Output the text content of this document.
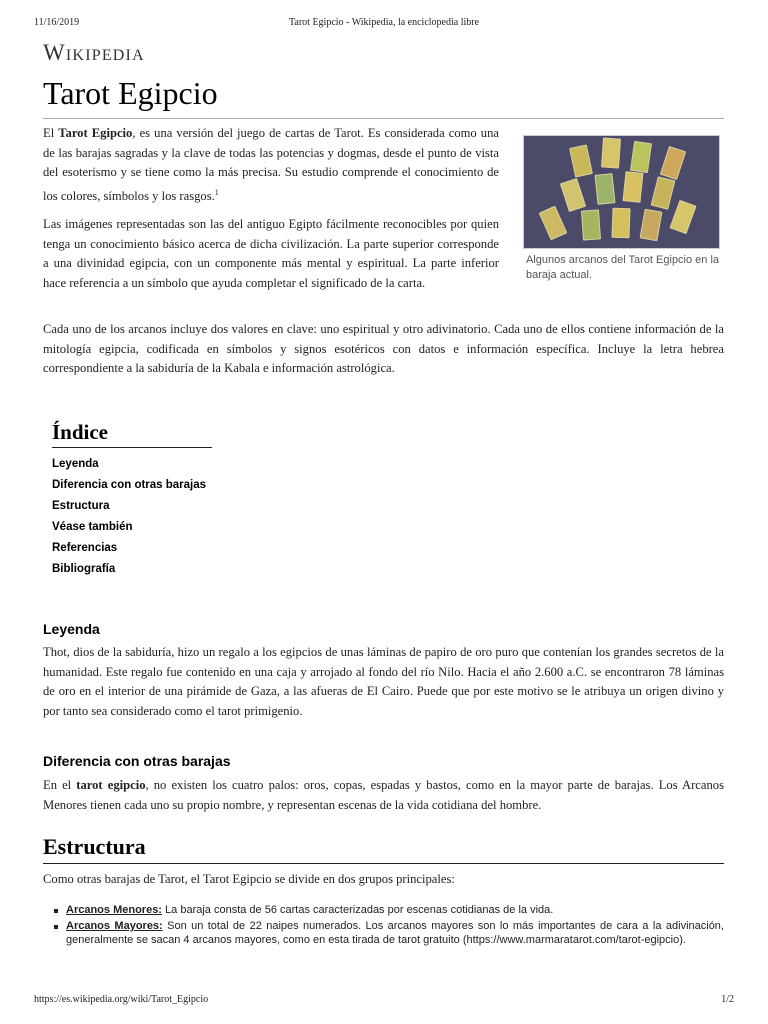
11/16/2019	Tarot Egipcio - Wikipedia, la enciclopedia libre
Wikipedia
Tarot Egipcio

El Tarot Egipcio, es una versión del juego de cartas de Tarot. Es considerada como una de las barajas sagradas y la clave de todas las potencias y dogmas, desde el punto de vista del esoterismo y se tiene como la más precisa. Su estudio comprende el conocimiento de los colores, símbolos y los rasgos.$^1$

Las imágenes representadas son las del antiguo Egipto fácilmente reconocibles por quien tenga un conocimiento básico acerca de dicha civilización. La parte superior corresponde a una divinidad egipcia, con un componente más mental y espiritual. La parte inferior hace referencia a un símbolo que ayuda completar el significado de la carta.

Algunos arcanos del Tarot Egipcio en la baraja actual.

Cada uno de los arcanos incluye dos valores en clave: uno espiritual y otro adivinatorio. Cada uno de ellos contiene información de la mitología egipcia, codificada en símbolos y signos esotéricos con datos e información específica. Incluye la letra hebrea correspondiente a la sabiduría de la Kabala e información astrológica.

Índice
Leyenda
Diferencia con otras barajas
Estructura
Véase también
Referencias
Bibliografía
Leyenda

Thot, dios de la sabiduría, hizo un regalo a los egipcios de unas láminas de papiro de oro puro que contenían los grandes secretos de la humanidad. Este regalo fue contenido en una caja y arrojado al fondo del río Nilo. Hacia el año 2.600 a.C. se encontraron 78 láminas de oro en el interior de una pirámide de Gaza, a las afueras de El Cairo. Puede que por este motivo se le atribuya un origen divino y por tanto sea considerado como el tarot primigenio.

Diferencia con otras barajas

En el tarot egipcio, no existen los cuatro palos: oros, copas, espadas y bastos, como en la mayor parte de barajas. Los Arcanos Menores tienen cada uno su propio nombre, y representan escenas de la vida cotidiana del hombre.

Estructura

Como otras barajas de Tarot, el Tarot Egipcio se divide en dos grupos principales:

Arcanos Menores: La baraja consta de 56 cartas caracterizadas por escenas cotidianas de la vida.
Arcanos Mayores: Son un total de 22 naipes numerados. Los arcanos mayores son lo más importantes de cara a la adivinación, generalmente se sacan 4 arcanos mayores, como en esta tirada de tarot gratuito (https://www.marmaratarot.com/tarot-egipcio).
https://es.wikipedia.org/wiki/Tarot_Egipcio	1/2
